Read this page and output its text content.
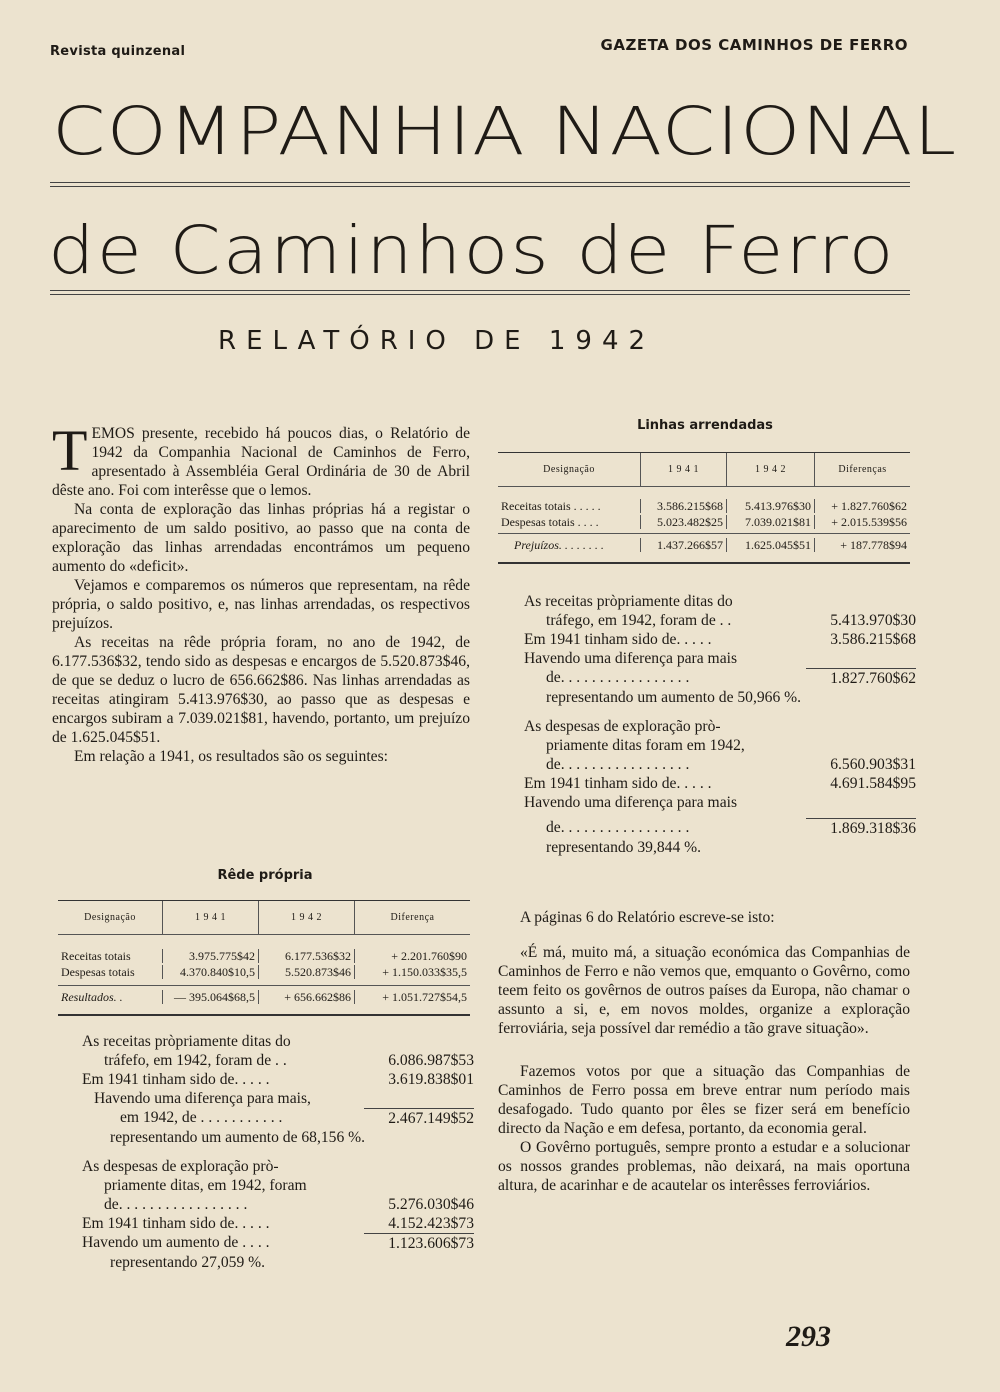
Revista quinzenal	GAZETA DOS CAMINHOS DE FERRO
COMPANHIA NACIONAL
de Caminhos de Ferro
RELATÓRIO DE 1942

TEMOS presente, recebido há poucos dias, o Relatório de 1942 da Companhia Nacional de Caminhos de Ferro, apresentado à Assembléia Geral Ordinária de 30 de Abril dêste ano. Foi com interêsse que o lemos.

Na conta de exploração das linhas próprias há a registar o aparecimento de um saldo positivo, ao passo que na conta de exploração das linhas arrendadas encontrámos um pequeno aumento do «deficit».

Vejamos e comparemos os números que representam, na rêde própria, o saldo positivo, e, nas linhas arrendadas, os respectivos prejuízos.

As receitas na rêde própria foram, no ano de 1942, de 6.177.536$32, tendo sido as despesas e encargos de 5.520.873$46, de que se deduz o lucro de 656.662$86. Nas linhas arrendadas as receitas atingiram 5.413.976$30, ao passo que as despesas e encargos subiram a 7.039.021$81, havendo, portanto, um prejuízo de 1.625.045$51.

Em relação a 1941, os resultados são os seguintes:

Rêde própria
Designação	1 9 4 1	1 9 4 2	Diferença
Receitas totais	3.975.775$42	6.177.536$32	+ 2.201.760$90
Despesas totais	4.370.840$10,5	5.520.873$46	+ 1.150.033$35,5
Resultados. .	— 395.064$68,5	+ 656.662$86	+ 1.051.727$54,5
As receitas pròpriamente ditas do
tráfefo, em 1942, foram de . .	6.086.987$53
Em 1941 tinham sido de. . . . .	3.619.838$01
Havendo uma diferença para mais,
em 1942, de . . . . . . . . . . .	2.467.149$52
representando um aumento de 68,156 %.
As despesas de exploração prò-
priamente ditas, em 1942, foram
de. . . . . . . . . . . . . . . . .	5.276.030$46
Em 1941 tinham sido de. . . . .	4.152.423$73
Havendo um aumento de . . . .	1.123.606$73
representando 27,059 %.
Linhas arrendadas
Designação	1 9 4 1	1 9 4 2	Diferenças
Receitas totais . . . . .	3.586.215$68	5.413.976$30	+ 1.827.760$62
Despesas totais . . . .	5.023.482$25	7.039.021$81	+ 2.015.539$56
Prejuízos. . . . . . . .	1.437.266$57	1.625.045$51	+ 187.778$94
As receitas pròpriamente ditas do
tráfego, em 1942, foram de . .	5.413.970$30
Em 1941 tinham sido de. . . . .	3.586.215$68
Havendo uma diferença para mais
de. . . . . . . . . . . . . . . . .	1.827.760$62
representando um aumento de 50,966 %.
As despesas de exploração prò-
priamente ditas foram em 1942,
de. . . . . . . . . . . . . . . . .	6.560.903$31
Em 1941 tinham sido de. . . . .	4.691.584$95
Havendo uma diferença para mais
de. . . . . . . . . . . . . . . . .	1.869.318$36
representando 39,844 %.

A páginas 6 do Relatório escreve-se isto:

«É má, muito má, a situação económica das Companhias de Caminhos de Ferro e não vemos que, emquanto o Govêrno, como teem feito os govêrnos de outros países da Europa, não chamar o assunto a si, e, em novos moldes, organize a exploração ferroviária, seja possível dar remédio a tão grave situação».

Fazemos votos por que a situação das Companhias de Caminhos de Ferro possa em breve entrar num período mais desafogado. Tudo quanto por êles se fizer será em benefício directo da Nação e em defesa, portanto, da economia geral.

O Govêrno português, sempre pronto a estudar e a solucionar os nossos grandes problemas, não deixará, na mais oportuna altura, de acarinhar e de acautelar os interêsses ferroviários.

293
